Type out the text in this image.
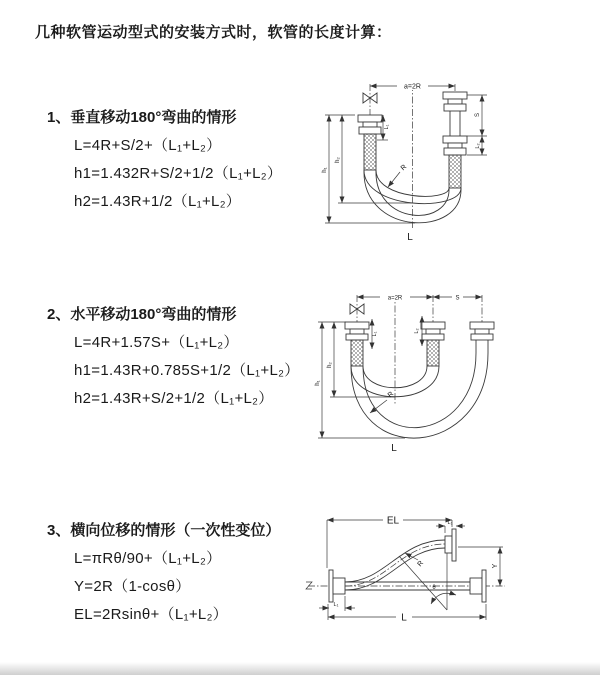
几种软管运动型式的安装方式时，软管的长度计算：
1、垂直移动180°弯曲的情形
L=4R+S/2+（L₁+L₂）
h1=1.432R+S/2+1/2（L₁+L₂）
h2=1.43R+1/2（L₁+L₂）
2、水平移动180°弯曲的情形
L=4R+1.57S+（L₁+L₂）
h1=1.43R+0.785S+1/2（L₁+L₂）
h2=1.43R+S/2+1/2（L₁+L₂）
3、横向位移的情形（一次性变位）
L=πRθ/90+（L₁+L₂）
Y=2R（1-cosθ）
EL=2Rsinθ+（L₁+L₂）
a=2R
L₁
S
L₂
h₁
h₂
R
L
a=2R	S
L₁
L₂
h₁
h₂
R
L
EL	L₁
Y
R
θ
L₁
L
